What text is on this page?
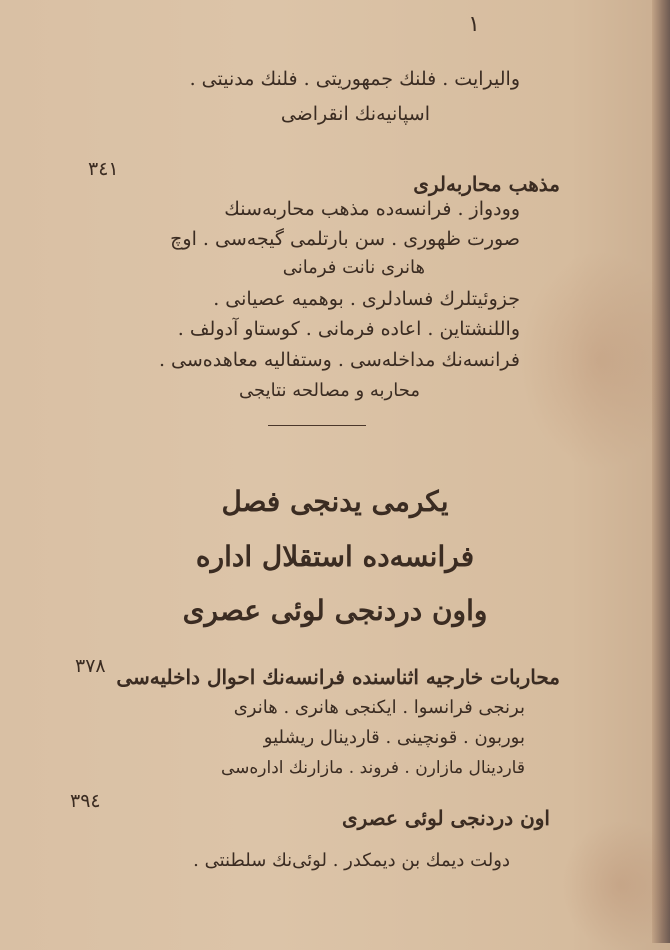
١
والیرایت . فلنك جمهوریتی . فلنك مدنیتی .
اسپانیه‌نك انقراضی
٣٤١
مذهب محاربه‌لری
وودواز . فرانسه‌ده مذهب محاربه‌سنك
صورت ظهوری . سن بارتلمی گیجه‌سی . اوچ
هانری نانت فرمانی
جزوئیتلرك فسادلری . بوهمیه عصیانی .
واللنشتاین . اعاده فرمانی . کوستاو آدولف .
فرانسه‌نك مداخله‌سی . وستفالیه معاهده‌سی .
محاربه و مصالحه نتایجی
یکرمی یدنجی فصل
فرانسه‌ده استقلال اداره
واون دردنجی لوئی عصری
٣٧٨ محاربات خارجیه اثناسنده فرانسه‌نك احوال داخلیه‌سی
برنجی فرانسوا . ایکنجی هانری . هانری
بوربون . قونچینی . قاردینال ریشلیو
قاردینال مازارن . فروند . مازارنك اداره‌سی
٣٩٤
اون دردنجی لوئی عصری
دولت دیمك بن دیمکدر . لوئی‌نك سلطنتی .
